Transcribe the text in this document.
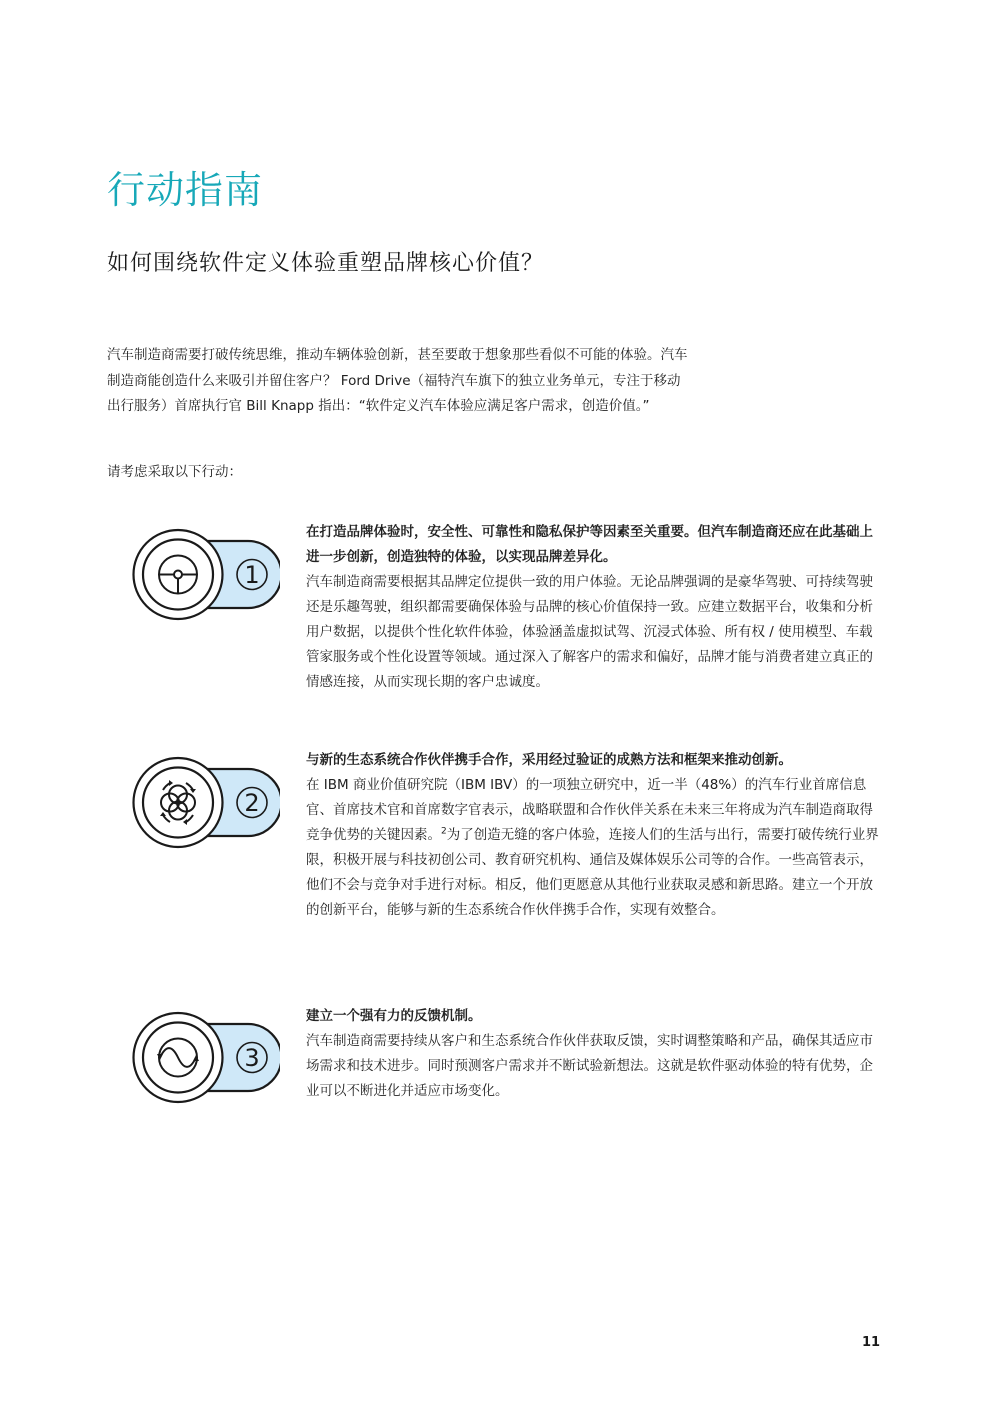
行动指南
如何围绕软件定义体验重塑品牌核心价值？

汽车制造商需要打破传统思维，推动车辆体验创新，甚至要敢于想象那些看似不可能的体验。汽车制造商能创造什么来吸引并留住客户？ Ford Drive（福特汽车旗下的独立业务单元，专注于移动出行服务）首席执行官 Bill Knapp 指出：“软件定义汽车体验应满足客户需求，创造价值。”

请考虑采取以下行动：
1

在打造品牌体验时，安全性、可靠性和隐私保护等因素至关重要。但汽车制造商还应在此基础上进一步创新，创造独特的体验，以实现品牌差异化。

汽车制造商需要根据其品牌定位提供一致的用户体验。无论品牌强调的是豪华驾驶、可持续驾驶还是乐趣驾驶，组织都需要确保体验与品牌的核心价值保持一致。应建立数据平台，收集和分析用户数据，以提供个性化软件体验，体验涵盖虚拟试驾、沉浸式体验、所有权 / 使用模型、车载管家服务或个性化设置等领域。通过深入了解客户的需求和偏好，品牌才能与消费者建立真正的情感连接，从而实现长期的客户忠诚度。

2

与新的生态系统合作伙伴携手合作，采用经过验证的成熟方法和框架来推动创新。

在 IBM 商业价值研究院（IBM IBV）的一项独立研究中，近一半（48%）的汽车行业首席信息官、首席技术官和首席数字官表示，战略联盟和合作伙伴关系在未来三年将成为汽车制造商取得竞争优势的关键因素。$^2$为了创造无缝的客户体验，连接人们的生活与出行，需要打破传统行业界限，积极开展与科技初创公司、教育研究机构、通信及媒体娱乐公司等的合作。一些高管表示，他们不会与竞争对手进行对标。相反，他们更愿意从其他行业获取灵感和新思路。建立一个开放的创新平台，能够与新的生态系统合作伙伴携手合作，实现有效整合。

3

建立一个强有力的反馈机制。

汽车制造商需要持续从客户和生态系统合作伙伴获取反馈，实时调整策略和产品，确保其适应市场需求和技术进步。同时预测客户需求并不断试验新想法。这就是软件驱动体验的特有优势，企业可以不断进化并适应市场变化。

11
